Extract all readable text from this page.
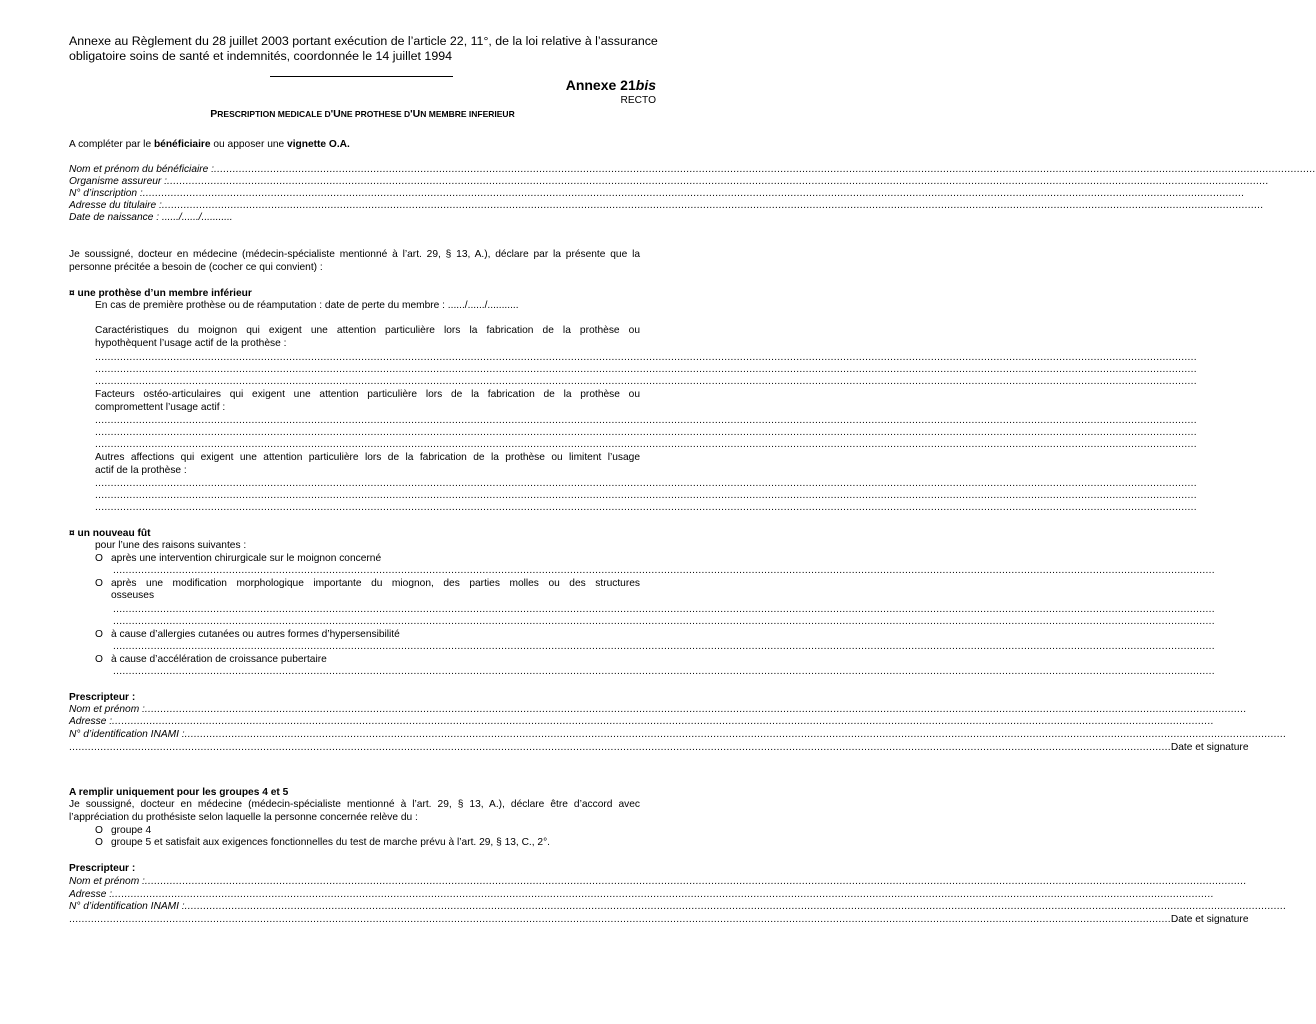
Annexe au Règlement du 28 juillet 2003 portant exécution de l’article 22, 11°, de la loi relative à l’assurance
obligatoire soins de santé et indemnités, coordonnée le 14 juillet 1994
Annexe 21bis
RECTO
PRESCRIPTION MEDICALE D'UNE PROTHESE D'UN MEMBRE INFERIEUR
A compléter par le bénéficiaire ou apposer une vignette O.A.
Nom et prénom du bénéficiaire : ................................................................................................................................................................................................................................................................................................................................................................
Organisme assureur : ................................................................................................................................................................................................................................................................................................................................................................
N° d’inscription : ................................................................................................................................................................................................................................................................................................................................................................
Adresse du titulaire : ................................................................................................................................................................................................................................................................................................................................................................
Date de naissance : ....../....../...........
Je soussigné, docteur en médecine (médecin-spécialiste mentionné à l’art. 29, § 13, A.), déclare par la présente que la
personne précitée a besoin de (cocher ce qui convient) :
¤ une prothèse d’un membre inférieur
En cas de première prothèse ou de réamputation : date de perte du membre : ....../....../...........
Caractéristiques du moignon qui exigent une attention particulière lors la fabrication de la prothèse ou
hypothèquent l’usage actif de la prothèse :
................................................................................................................................................................................................................................................................................................................................................................
................................................................................................................................................................................................................................................................................................................................................................
................................................................................................................................................................................................................................................................................................................................................................
Facteurs ostéo-articulaires qui exigent une attention particulière lors de la fabrication de la prothèse ou
compromettent l’usage actif :
................................................................................................................................................................................................................................................................................................................................................................
................................................................................................................................................................................................................................................................................................................................................................
................................................................................................................................................................................................................................................................................................................................................................
Autres affections qui exigent une attention particulière lors de la fabrication de la prothèse ou limitent l’usage
actif de la prothèse :
................................................................................................................................................................................................................................................................................................................................................................
................................................................................................................................................................................................................................................................................................................................................................
................................................................................................................................................................................................................................................................................................................................................................
¤ un nouveau fût
pour l’une des raisons suivantes :
O après une intervention chirurgicale sur le moignon concerné
................................................................................................................................................................................................................................................................................................................................................................
O après une modification morphologique importante du miognon, des parties molles ou des structures
osseuses
................................................................................................................................................................................................................................................................................................................................................................
................................................................................................................................................................................................................................................................................................................................................................
O à cause d’allergies cutanées ou autres formes d’hypersensibilité
................................................................................................................................................................................................................................................................................................................................................................
O à cause d’accélération de croissance pubertaire
................................................................................................................................................................................................................................................................................................................................................................
Prescripteur :
Nom et prénom : ................................................................................................................................................................................................................................................................................................................................................................
Adresse : ................................................................................................................................................................................................................................................................................................................................................................
N° d’identification INAMI : ................................................................................................................................................................................................................................................................................................................................................................
................................................................................................................................................................................................................................................................................................................................................................ Date et signature
A remplir uniquement pour les groupes 4 et 5
Je soussigné, docteur en médecine (médecin-spécialiste mentionné à l’art. 29, § 13, A.), déclare être d’accord avec
l’appréciation du prothésiste selon laquelle la personne concernée relève du :
O groupe 4
O groupe 5 et satisfait aux exigences fonctionnelles du test de marche prévu à l’art. 29, § 13, C., 2°.
Prescripteur :
Nom et prénom : ................................................................................................................................................................................................................................................................................................................................................................
Adresse : ................................................................................................................................................................................................................................................................................................................................................................
N° d’identification INAMI : ................................................................................................................................................................................................................................................................................................................................................................
................................................................................................................................................................................................................................................................................................................................................................ Date et signature
